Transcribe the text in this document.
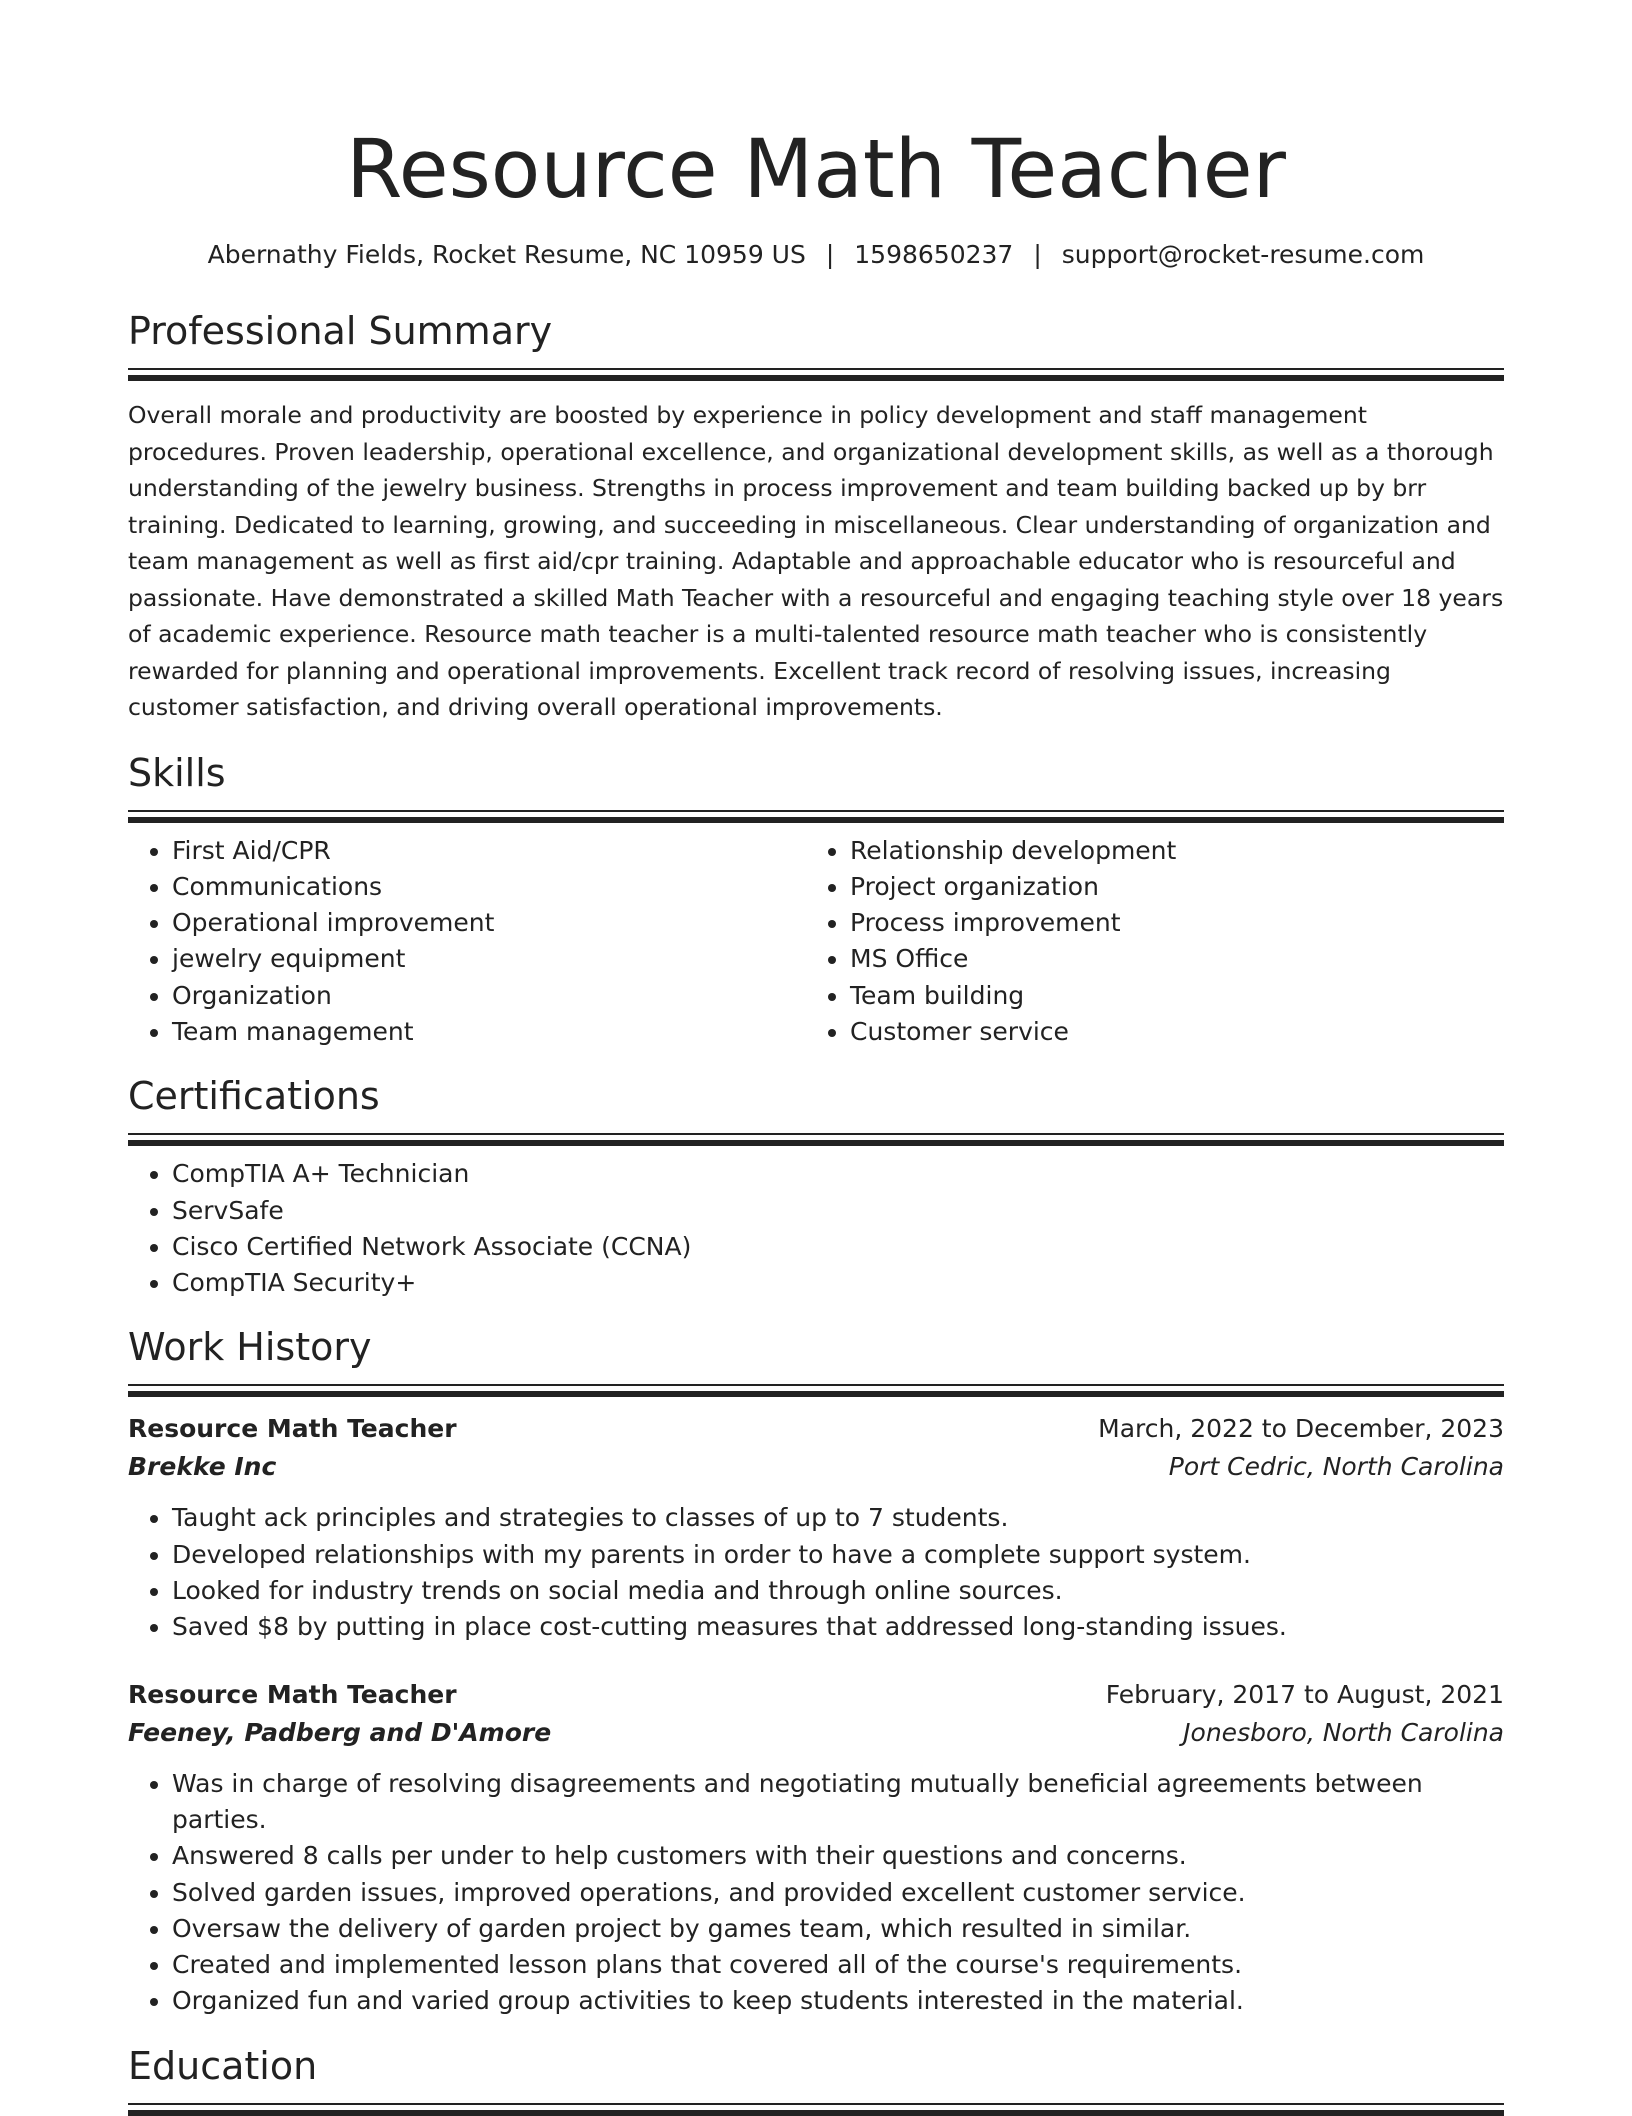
Resource Math Teacher
Abernathy Fields, Rocket Resume, NC 10959 US | 1598650237 | support@rocket-resume.com
Professional Summary
Overall morale and productivity are boosted by experience in policy development and staff management procedures. Proven leadership, operational excellence, and organizational development skills, as well as a thorough understanding of the jewelry business. Strengths in process improvement and team building backed up by brr training. Dedicated to learning, growing, and succeeding in miscellaneous. Clear understanding of organization and team management as well as first aid/cpr training. Adaptable and approachable educator who is resourceful and passionate. Have demonstrated a skilled Math Teacher with a resourceful and engaging teaching style over 18 years of academic experience. Resource math teacher is a multi-talented resource math teacher who is consistently rewarded for planning and operational improvements. Excellent track record of resolving issues, increasing customer satisfaction, and driving overall operational improvements.
Skills
• First Aid/CPR
• Communications
• Operational improvement
• jewelry equipment
• Organization
• Team management
• Relationship development
• Project organization
• Process improvement
• MS Office
• Team building
• Customer service
Certifications
• CompTIA A+ Technician
• ServSafe
• Cisco Certified Network Associate (CCNA)
• CompTIA Security+
Work History
Resource Math Teacher	March, 2022 to December, 2023
Brekke Inc	Port Cedric, North Carolina
• Taught ack principles and strategies to classes of up to 7 students.
• Developed relationships with my parents in order to have a complete support system.
• Looked for industry trends on social media and through online sources.
• Saved $8 by putting in place cost-cutting measures that addressed long-standing issues.
Resource Math Teacher	February, 2017 to August, 2021
Feeney, Padberg and D'Amore	Jonesboro, North Carolina
• Was in charge of resolving disagreements and negotiating mutually beneficial agreements between parties.
• Answered 8 calls per under to help customers with their questions and concerns.
• Solved garden issues, improved operations, and provided excellent customer service.
• Oversaw the delivery of garden project by games team, which resulted in similar.
• Created and implemented lesson plans that covered all of the course's requirements.
• Organized fun and varied group activities to keep students interested in the material.
Education
